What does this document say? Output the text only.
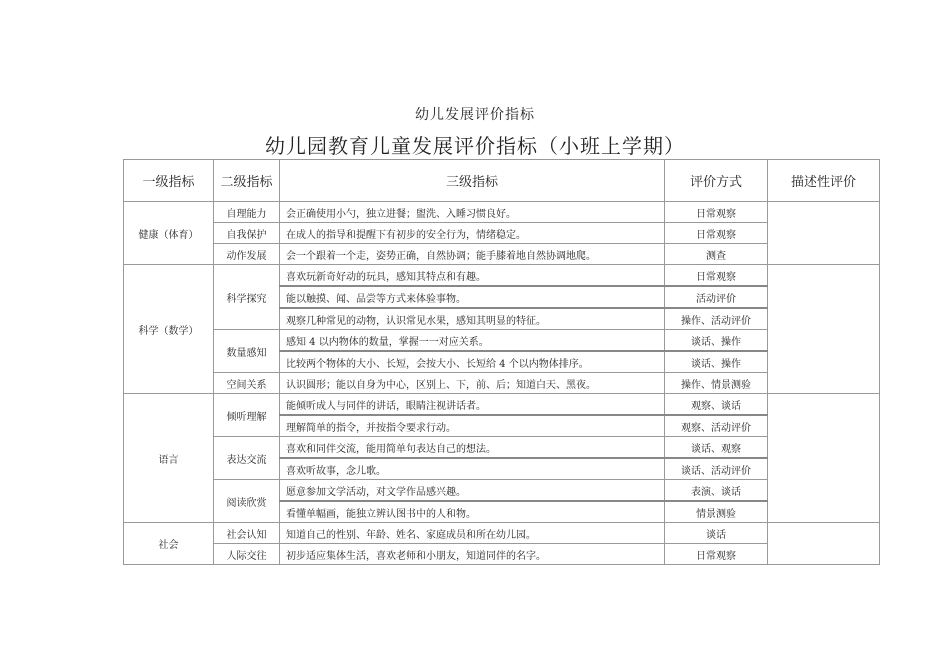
幼儿发展评价指标
幼儿园教育儿童发展评价指标（小班上学期）
一级指标	二级指标	三级指标	评价方式	描述性评价
健康（体育）	自理能力	会正确使用小勺，独立进餐；盥洗、入睡习惯良好。	日常观察	
	自我保护	在成人的指导和提醒下有初步的安全行为，情绪稳定。	日常观察	
	动作发展	会一个跟着一个走，姿势正确，自然协调；能手膝着地自然协调地爬。	测查	
科学（数学）	科学探究	喜欢玩新奇好动的玩具，感知其特点和有趣。	日常观察	
		能以触摸、闻、品尝等方式来体验事物。	活动评价	
		观察几种常见的动物，认识常见水果，感知其明显的特征。	操作、活动评价	
	数量感知	感知 4 以内物体的数量，掌握一一对应关系。	谈话、操作	
		比较两个物体的大小、长短，会按大小、长短给 4 个以内物体排序。	谈话、操作	
	空间关系	认识圆形；能以自身为中心，区别上、下，前、后；知道白天、黑夜。	操作、情景测验	
语言	倾听理解	能倾听成人与同伴的讲话，眼睛注视讲话者。	观察、谈话	
		理解简单的指令，并按指令要求行动。	观察、活动评价	
	表达交流	喜欢和同伴交流，能用简单句表达自己的想法。	谈话、观察	
		喜欢听故事，念儿歌。	谈话、活动评价	
	阅读欣赏	愿意参加文学活动，对文学作品感兴趣。	表演、谈话	
		看懂单幅画，能独立辨认图书中的人和物。	情景测验	
社会	社会认知	知道自己的性别、年龄、姓名、家庭成员和所在幼儿园。	谈话	
	人际交往	初步适应集体生活，喜欢老师和小朋友，知道同伴的名字。	日常观察	
